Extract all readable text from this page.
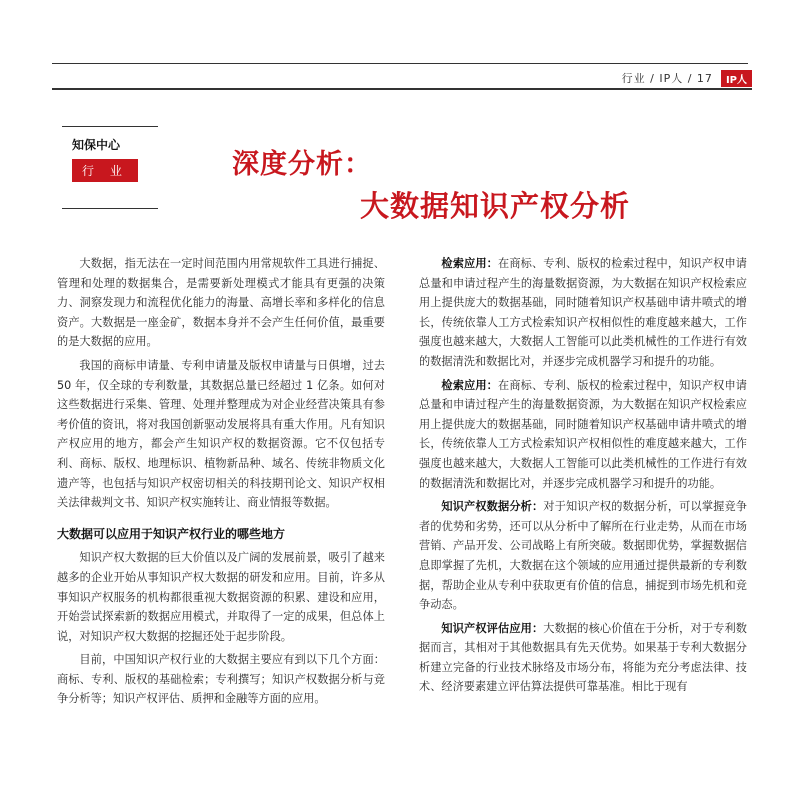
行业 / IP人 / 17	IP人
知保中心
行 业	深度分析：
大数据知识产权分析

大数据，指无法在一定时间范围内用常规软件工具进行捕捉、管理和处理的数据集合，是需要新处理模式才能具有更强的决策力、洞察发现力和流程优化能力的海量、高增长率和多样化的信息资产。大数据是一座金矿，数据本身并不会产生任何价值，最重要的是大数据的应用。

我国的商标申请量、专利申请量及版权申请量与日俱增，过去 50 年，仅全球的专利数量，其数据总量已经超过 1 亿条。如何对这些数据进行采集、管理、处理并整理成为对企业经营决策具有参考价值的资讯，将对我国创新驱动发展将具有重大作用。凡有知识产权应用的地方，都会产生知识产权的数据资源。它不仅包括专利、商标、版权、地理标识、植物新品种、域名、传统非物质文化遗产等，也包括与知识产权密切相关的科技期刊论文、知识产权相关法律裁判文书、知识产权实施转让、商业情报等数据。

大数据可以应用于知识产权行业的哪些地方

知识产权大数据的巨大价值以及广阔的发展前景，吸引了越来越多的企业开始从事知识产权大数据的研发和应用。目前，许多从事知识产权服务的机构都很重视大数据资源的积累、建设和应用，开始尝试探索新的数据应用模式，并取得了一定的成果，但总体上说，对知识产权大数据的挖掘还处于起步阶段。

目前，中国知识产权行业的大数据主要应有到以下几个方面：商标、专利、版权的基础检索；专利撰写；知识产权数据分析与竞争分析等；知识产权评估、质押和金融等方面的应用。

检索应用：在商标、专利、版权的检索过程中，知识产权申请总量和申请过程产生的海量数据资源，为大数据在知识产权检索应用上提供庞大的数据基础，同时随着知识产权基础申请井喷式的增长，传统依靠人工方式检索知识产权相似性的难度越来越大，工作强度也越来越大，大数据人工智能可以此类机械性的工作进行有效的数据清洗和数据比对，并逐步完成机器学习和提升的功能。

检索应用：在商标、专利、版权的检索过程中，知识产权申请总量和申请过程产生的海量数据资源，为大数据在知识产权检索应用上提供庞大的数据基础，同时随着知识产权基础申请井喷式的增长，传统依靠人工方式检索知识产权相似性的难度越来越大，工作强度也越来越大，大数据人工智能可以此类机械性的工作进行有效的数据清洗和数据比对，并逐步完成机器学习和提升的功能。

知识产权数据分析：对于知识产权的数据分析，可以掌握竞争者的优势和劣势，还可以从分析中了解所在行业走势，从而在市场营销、产品开发、公司战略上有所突破。数据即优势，掌握数据信息即掌握了先机，大数据在这个领域的应用通过提供最新的专利数据，帮助企业从专利中获取更有价值的信息，捕捉到市场先机和竞争动态。

知识产权评估应用：大数据的核心价值在于分析，对于专利数据而言，其相对于其他数据具有先天优势。如果基于专利大数据分析建立完备的行业技术脉络及市场分布，将能为充分考虑法律、技术、经济要素建立评估算法提供可靠基准。相比于现有
